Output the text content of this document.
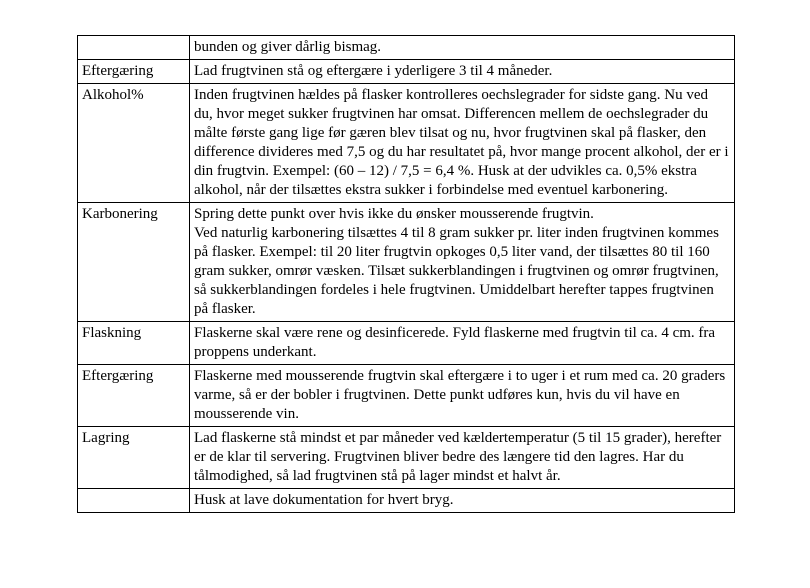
	bunden og giver dårlig bismag.

Eftergæring	Lad frugtvinen stå og eftergære i yderligere 3 til 4 måneder.

Alkohol%	Inden frugtvinen hældes på flasker kontrolleres oechslegrader for sidste gang. Nu ved du, hvor meget sukker frugtvinen har omsat. Differencen mellem de oechslegrader du målte første gang lige før gæren blev tilsat og nu, hvor frugtvinen skal på flasker, den difference divideres med 7,5 og du har resultatet på, hvor mange procent alkohol, der er i din frugtvin. Exempel: (60 – 12) / 7,5 = 6,4 %. Husk at der udvikles ca. 0,5% ekstra alkohol, når der tilsættes ekstra sukker i forbindelse med eventuel karbonering.

Karbonering	Spring dette punkt over hvis ikke du ønsker mousserende frugtvin.
Ved naturlig karbonering tilsættes 4 til 8 gram sukker pr. liter inden frugtvinen kommes på flasker. Exempel: til 20 liter frugtvin opkoges 0,5 liter vand, der tilsættes 80 til 160 gram sukker, omrør væsken. Tilsæt sukkerblandingen i frugtvinen og omrør frugtvinen, så sukkerblandingen fordeles i hele frugtvinen. Umiddelbart herefter tappes frugtvinen på flasker.

Flaskning	Flaskerne skal være rene og desinficerede. Fyld flaskerne med frugtvin til ca. 4 cm. fra proppens underkant.

Eftergæring	Flaskerne med mousserende frugtvin skal eftergære i to uger i et rum med ca. 20 graders varme, så er der bobler i frugtvinen. Dette punkt udføres kun, hvis du vil have en mousserende vin.

Lagring	Lad flaskerne stå mindst et par måneder ved kældertemperatur (5 til 15 grader), herefter er de klar til servering. Frugtvinen bliver bedre des længere tid den lagres. Har du tålmodighed, så lad frugtvinen stå på lager mindst et halvt år.

	Husk at lave dokumentation for hvert bryg.
